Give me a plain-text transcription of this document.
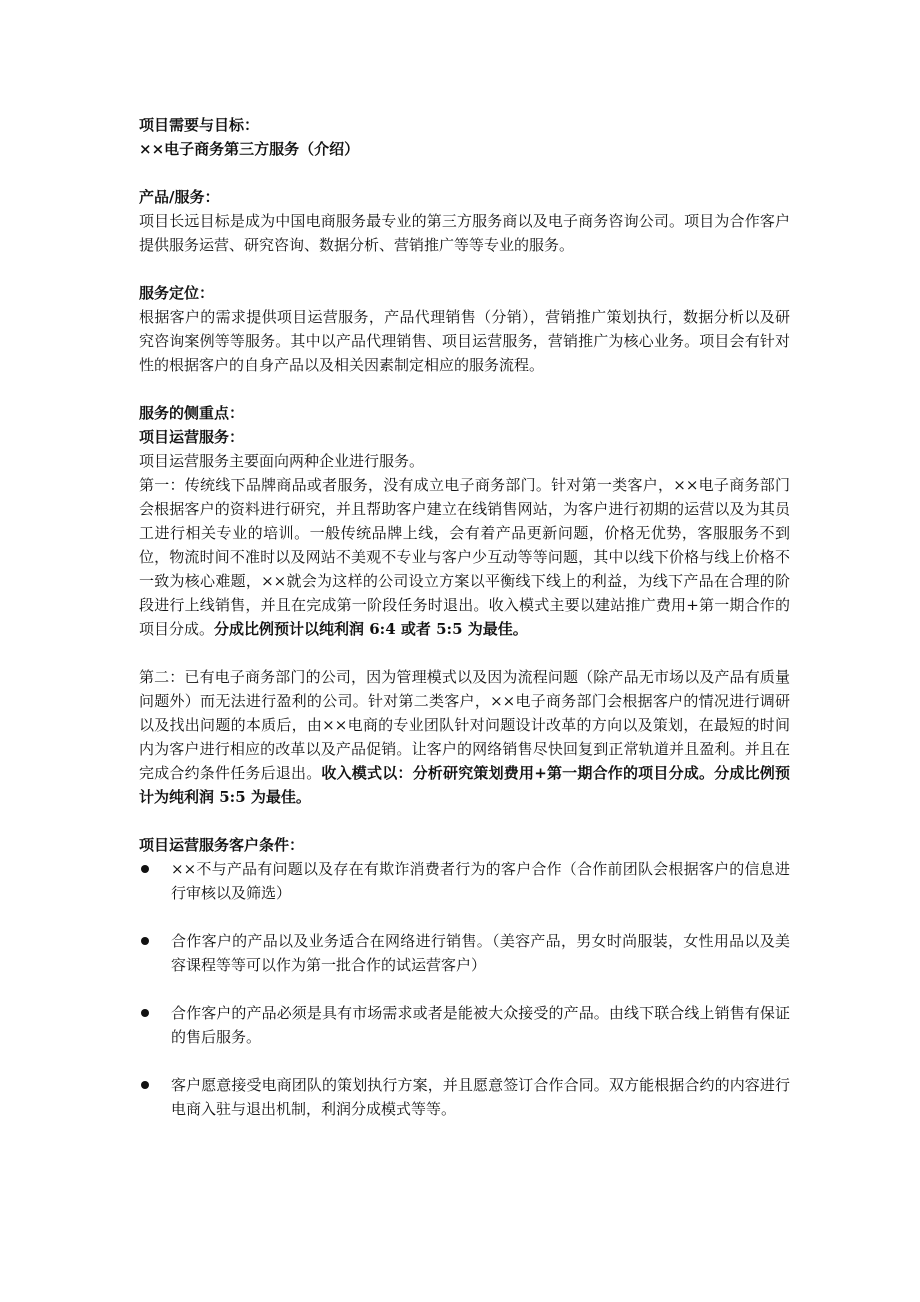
项目需要与目标：

××电子商务第三方服务（介绍）

产品/服务：

项目长远目标是成为中国电商服务最专业的第三方服务商以及电子商务咨询公司。项目为合作客户提供服务运营、研究咨询、数据分析、营销推广等等专业的服务。

服务定位：

根据客户的需求提供项目运营服务，产品代理销售（分销），营销推广策划执行，数据分析以及研究咨询案例等等服务。其中以产品代理销售、项目运营服务，营销推广为核心业务。项目会有针对性的根据客户的自身产品以及相关因素制定相应的服务流程。

服务的侧重点：

项目运营服务：

项目运营服务主要面向两种企业进行服务。

第一：传统线下品牌商品或者服务，没有成立电子商务部门。针对第一类客户，××电子商务部门会根据客户的资料进行研究，并且帮助客户建立在线销售网站，为客户进行初期的运营以及为其员工进行相关专业的培训。一般传统品牌上线，会有着产品更新问题，价格无优势，客服服务不到位，物流时间不准时以及网站不美观不专业与客户少互动等等问题，其中以线下价格与线上价格不一致为核心难题，××就会为这样的公司设立方案以平衡线下线上的利益，为线下产品在合理的阶段进行上线销售，并且在完成第一阶段任务时退出。收入模式主要以建站推广费用+第一期合作的项目分成。分成比例预计以纯利润 6:4 或者 5:5 为最佳。

第二：已有电子商务部门的公司，因为管理模式以及因为流程问题（除产品无市场以及产品有质量问题外）而无法进行盈利的公司。针对第二类客户，××电子商务部门会根据客户的情况进行调研以及找出问题的本质后，由××电商的专业团队针对问题设计改革的方向以及策划，在最短的时间内为客户进行相应的改革以及产品促销。让客户的网络销售尽快回复到正常轨道并且盈利。并且在完成合约条件任务后退出。收入模式以：分析研究策划费用+第一期合作的项目分成。分成比例预计为纯利润 5:5 为最佳。

项目运营服务客户条件：

××不与产品有问题以及存在有欺诈消费者行为的客户合作（合作前团队会根据客户的信息进行审核以及筛选）
合作客户的产品以及业务适合在网络进行销售。（美容产品，男女时尚服装，女性用品以及美容课程等等可以作为第一批合作的试运营客户）
合作客户的产品必须是具有市场需求或者是能被大众接受的产品。由线下联合线上销售有保证的售后服务。
客户愿意接受电商团队的策划执行方案，并且愿意签订合作合同。双方能根据合约的内容进行电商入驻与退出机制，利润分成模式等等。
